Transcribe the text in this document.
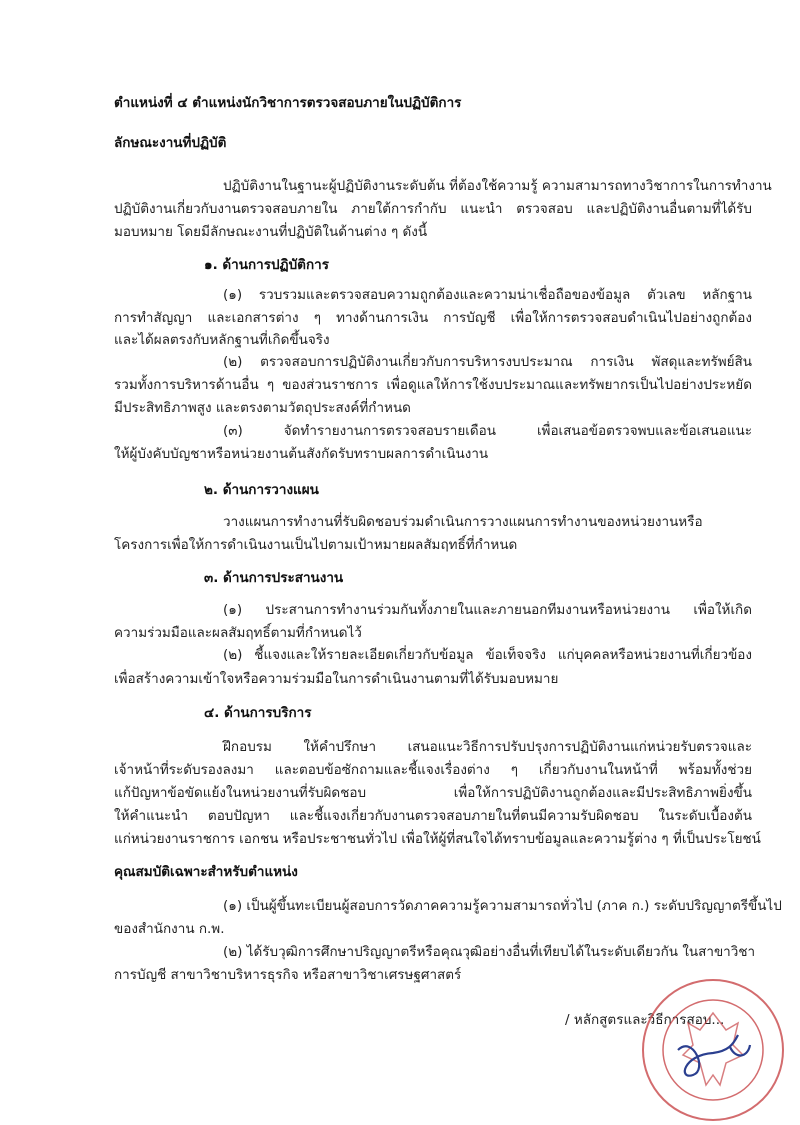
ตำแหน่งที่ ๔ ตำแหน่งนักวิชาการตรวจสอบภายในปฏิบัติการ
ลักษณะงานที่ปฏิบัติ
ปฏิบัติงานในฐานะผู้ปฏิบัติงานระดับต้น ที่ต้องใช้ความรู้ ความสามารถทางวิชาการในการทำงาน
ปฏิบัติงานเกี่ยวกับงานตรวจสอบภายใน ภายใต้การกำกับ แนะนำ ตรวจสอบ และปฏิบัติงานอื่นตามที่ได้รับ
มอบหมาย โดยมีลักษณะงานที่ปฏิบัติในด้านต่าง ๆ ดังนี้
๑. ด้านการปฏิบัติการ
(๑) รวบรวมและตรวจสอบความถูกต้องและความน่าเชื่อถือของข้อมูล ตัวเลข หลักฐาน
การทำสัญญา และเอกสารต่าง ๆ ทางด้านการเงิน การบัญชี เพื่อให้การตรวจสอบดำเนินไปอย่างถูกต้อง
และได้ผลตรงกับหลักฐานที่เกิดขึ้นจริง
(๒) ตรวจสอบการปฏิบัติงานเกี่ยวกับการบริหารงบประมาณ การเงิน พัสดุและทรัพย์สิน
รวมทั้งการบริหารด้านอื่น ๆ ของส่วนราชการ เพื่อดูแลให้การใช้งบประมาณและทรัพยากรเป็นไปอย่างประหยัด
มีประสิทธิภาพสูง และตรงตามวัตถุประสงค์ที่กำหนด
(๓) จัดทำรายงานการตรวจสอบรายเดือน เพื่อเสนอข้อตรวจพบและข้อเสนอแนะ
ให้ผู้บังคับบัญชาหรือหน่วยงานต้นสังกัดรับทราบผลการดำเนินงาน
๒. ด้านการวางแผน
วางแผนการทำงานที่รับผิดชอบร่วมดำเนินการวางแผนการทำงานของหน่วยงานหรือ
โครงการเพื่อให้การดำเนินงานเป็นไปตามเป้าหมายผลสัมฤทธิ์ที่กำหนด
๓. ด้านการประสานงาน
(๑) ประสานการทำงานร่วมกันทั้งภายในและภายนอกทีมงานหรือหน่วยงาน เพื่อให้เกิด
ความร่วมมือและผลสัมฤทธิ์ตามที่กำหนดไว้
(๒) ชี้แจงและให้รายละเอียดเกี่ยวกับข้อมูล ข้อเท็จจริง แก่บุคคลหรือหน่วยงานที่เกี่ยวข้อง
เพื่อสร้างความเข้าใจหรือความร่วมมือในการดำเนินงานตามที่ได้รับมอบหมาย
๔. ด้านการบริการ
ฝึกอบรม ให้คำปรึกษา เสนอแนะวิธีการปรับปรุงการปฏิบัติงานแก่หน่วยรับตรวจและ
เจ้าหน้าที่ระดับรองลงมา และตอบข้อซักถามและชี้แจงเรื่องต่าง ๆ เกี่ยวกับงานในหน้าที่ พร้อมทั้งช่วย
แก้ปัญหาข้อขัดแย้งในหน่วยงานที่รับผิดชอบ เพื่อให้การปฏิบัติงานถูกต้องและมีประสิทธิภาพยิ่งขึ้น
ให้คำแนะนำ ตอบปัญหา และชี้แจงเกี่ยวกับงานตรวจสอบภายในที่ตนมีความรับผิดชอบ ในระดับเบื้องต้น
แก่หน่วยงานราชการ เอกชน หรือประชาชนทั่วไป เพื่อให้ผู้ที่สนใจได้ทราบข้อมูลและความรู้ต่าง ๆ ที่เป็นประโยชน์
คุณสมบัติเฉพาะสำหรับตำแหน่ง
(๑) เป็นผู้ขึ้นทะเบียนผู้สอบการวัดภาคความรู้ความสามารถทั่วไป (ภาค ก.) ระดับปริญญาตรีขึ้นไป
ของสำนักงาน ก.พ.
(๒) ได้รับวุฒิการศึกษาปริญญาตรีหรือคุณวุฒิอย่างอื่นที่เทียบได้ในระดับเดียวกัน ในสาขาวิชา
การบัญชี สาขาวิชาบริหารธุรกิจ หรือสาขาวิชาเศรษฐศาสตร์
/ หลักสูตรและวิธีการสอบ...
